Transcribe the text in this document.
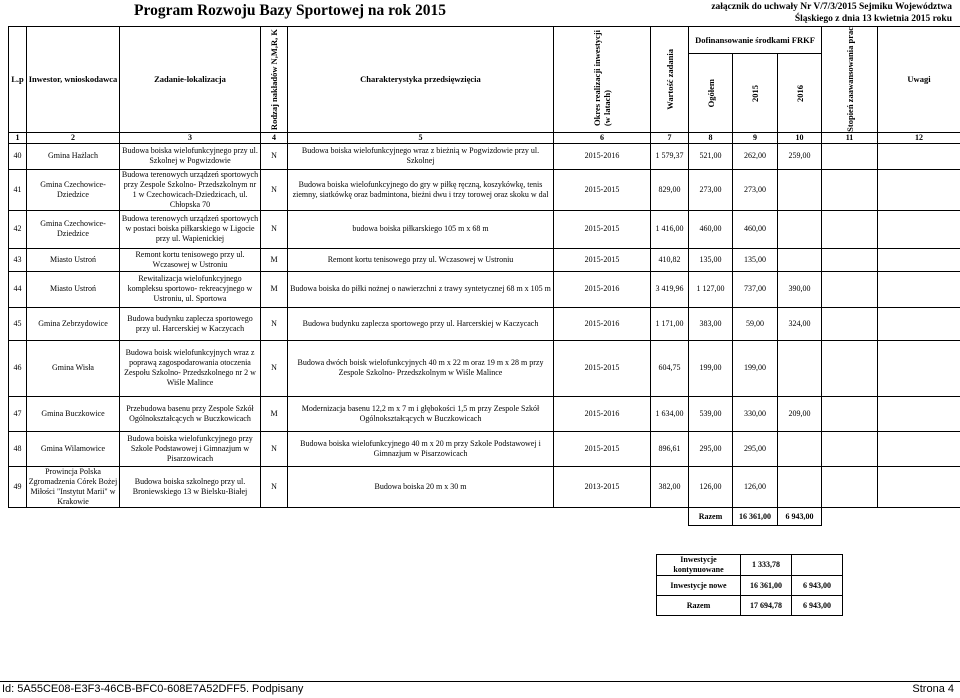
Program Rozwoju Bazy Sportowej na rok 2015	załącznik do uchwały Nr V/7/3/2015 Sejmiku Województwa
Śląskiego z dnia 13 kwietnia 2015 roku
L.p	Inwestor, wnioskodawca	Zadanie-lokalizacja	Rodzaj nakładów N,M,R, K	Charakterystyka przedsięwzięcia	Okres realizacji inwestycji(w latach)	Wartość zadania	Dofinansowanie środkami FRKF			Stopień zaawansowania prac	Uwagi

							Ogółem	2015	2016		

1	2	3	4	5	6	7	8	9	10	11	12
40	Gmina Hażlach	Budowa boiska wielofunkcyjnego przy ul. Szkolnej w Pogwizdowie	N	Budowa boiska wielofunkcyjnego wraz z bieżnią w Pogwizdowie przy ul. Szkolnej	2015-2016	1 579,37	521,00	262,00	259,00		
41	Gmina Czechowice-Dziedzice	Budowa terenowych urządzeń sportowych przy Zespole Szkolno- Przedszkolnym nr 1 w Czechowicach-Dziedzicach, ul. Chłopska 70	N	Budowa boiska wielofunkcyjnego do gry w piłkę ręczną, koszykówkę, tenis ziemny, siatkówkę oraz badmintona, bieżni dwu i trzy torowej oraz skoku w dal	2015-2015	829,00	273,00	273,00			
42	Gmina Czechowice-Dziedzice	Budowa terenowych urządzeń sportowych w postaci boiska piłkarskiego w Ligocie przy ul. Wapienickiej	N	budowa boiska piłkarskiego 105 m x 68 m	2015-2015	1 416,00	460,00	460,00			
43	Miasto Ustroń	Remont kortu tenisowego przy ul. Wczasowej w Ustroniu	M	Remont kortu tenisowego przy ul. Wczasowej w Ustroniu	2015-2015	410,82	135,00	135,00			
44	Miasto Ustroń	Rewitalizacja wielofunkcyjnego kompleksu sportowo- rekreacyjnego w Ustroniu, ul. Sportowa	M	Budowa boiska do piłki nożnej o nawierzchni z trawy syntetycznej 68 m x 105 m	2015-2016	3 419,96	1 127,00	737,00	390,00		
45	Gmina Zebrzydowice	Budowa budynku zaplecza sportowego przy ul. Harcerskiej w Kaczycach	N	Budowa budynku zaplecza sportowego przy ul. Harcerskiej w Kaczycach	2015-2016	1 171,00	383,00	59,00	324,00		
46	Gmina Wisła	Budowa boisk wielofunkcyjnych wraz z poprawą zagospodarowania otoczenia Zespołu Szkolno- Przedszkolnego nr 2 w Wiśle Malince	N	Budowa dwóch boisk wielofunkcyjnych 40 m x 22 m oraz 19 m x 28 m przy Zespole Szkolno- Przedszkolnym w Wiśle Malince	2015-2015	604,75	199,00	199,00			
47	Gmina Buczkowice	Przebudowa basenu przy Zespole Szkół Ogólnokształcących w Buczkowicach	M	Modernizacja basenu 12,2 m x 7 m i głębokości 1,5 m przy Zespole Szkół Ogólnokształcących w Buczkowicach	2015-2016	1 634,00	539,00	330,00	209,00		
48	Gmina Wilamowice	Budowa boiska wielofunkcyjnego przy Szkole Podstawowej i Gimnazjum w Pisarzowicach	N	Budowa boiska wielofunkcyjnego 40 m x 20 m przy Szkole Podstawowej i Gimnazjum w Pisarzowicach	2015-2015	896,61	295,00	295,00			
49	Prowincja Polska Zgromadzenia Córek Bożej Miłości "Instytut Marii" w Krakowie	Budowa boiska szkolnego przy ul. Broniewskiego 13 w Bielsku-Białej	N	Budowa boiska 20 m x 30 m	2013-2015	382,00	126,00	126,00			
							Razem	16 361,00	6 943,00		
Inwestycje kontynuowane	1 333,78	
Inwestycje nowe	16 361,00	6 943,00
Razem	17 694,78	6 943,00
Id: 5A55CE08-E3F3-46CB-BFC0-608E7A52DFF5. Podpisany	Strona 4
